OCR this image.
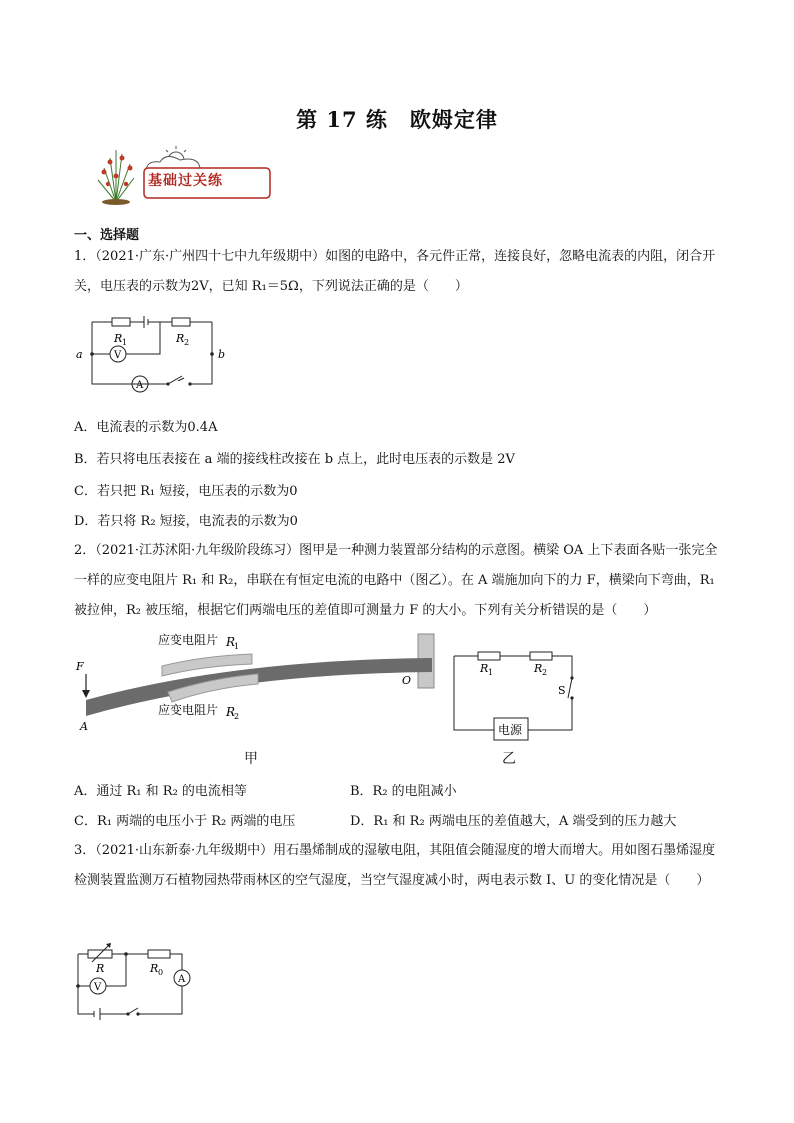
第 17 练　欧姆定律
基础过关练
一、选择题
1．（2021·广东·广州四十七中九年级期中）如图的电路中，各元件正常，连接良好，忽略电流表的内阻，闭合开关，电压表的示数为2V，已知 R₁＝5Ω，下列说法正确的是（　　）
R 1	R 2
a	b
V
A
A．电流表的示数为0.4A
B．若只将电压表接在 a 端的接线柱改接在 b 点上，此时电压表的示数是 2V
C．若只把 R₁ 短接，电压表的示数为0
D．若只将 R₂ 短接，电流表的示数为0
2．（2021·江苏沭阳·九年级阶段练习）图甲是一种测力装置部分结构的示意图。横梁 OA 上下表面各贴一张完全一样的应变电阻片 R₁ 和 R₂，串联在有恒定电流的电路中（图乙）。在 A 端施加向下的力 F，横梁向下弯曲，R₁ 被拉伸，R₂ 被压缩，根据它们两端电压的差值即可测量力 F 的大小。下列有关分析错误的是（　　）
应变电阻片 R
1
应变电阻片 R
2
F
A
O
R 1	R 2
S
电源
甲	乙
A．通过 R₁ 和 R₂ 的电流相等	B．R₂ 的电阻减小
C．R₁ 两端的电压小于 R₂ 两端的电压	D．R₁ 和 R₂ 两端电压的差值越大，A 端受到的压力越大
3．（2021·山东新泰·九年级期中）用石墨烯制成的湿敏电阻，其阻值会随湿度的增大而增大。用如图石墨烯湿度检测装置监测万石植物园热带雨林区的空气湿度，当空气湿度减小时，两电表示数 I、U 的变化情况是（　　）
R	R 0
V
A
